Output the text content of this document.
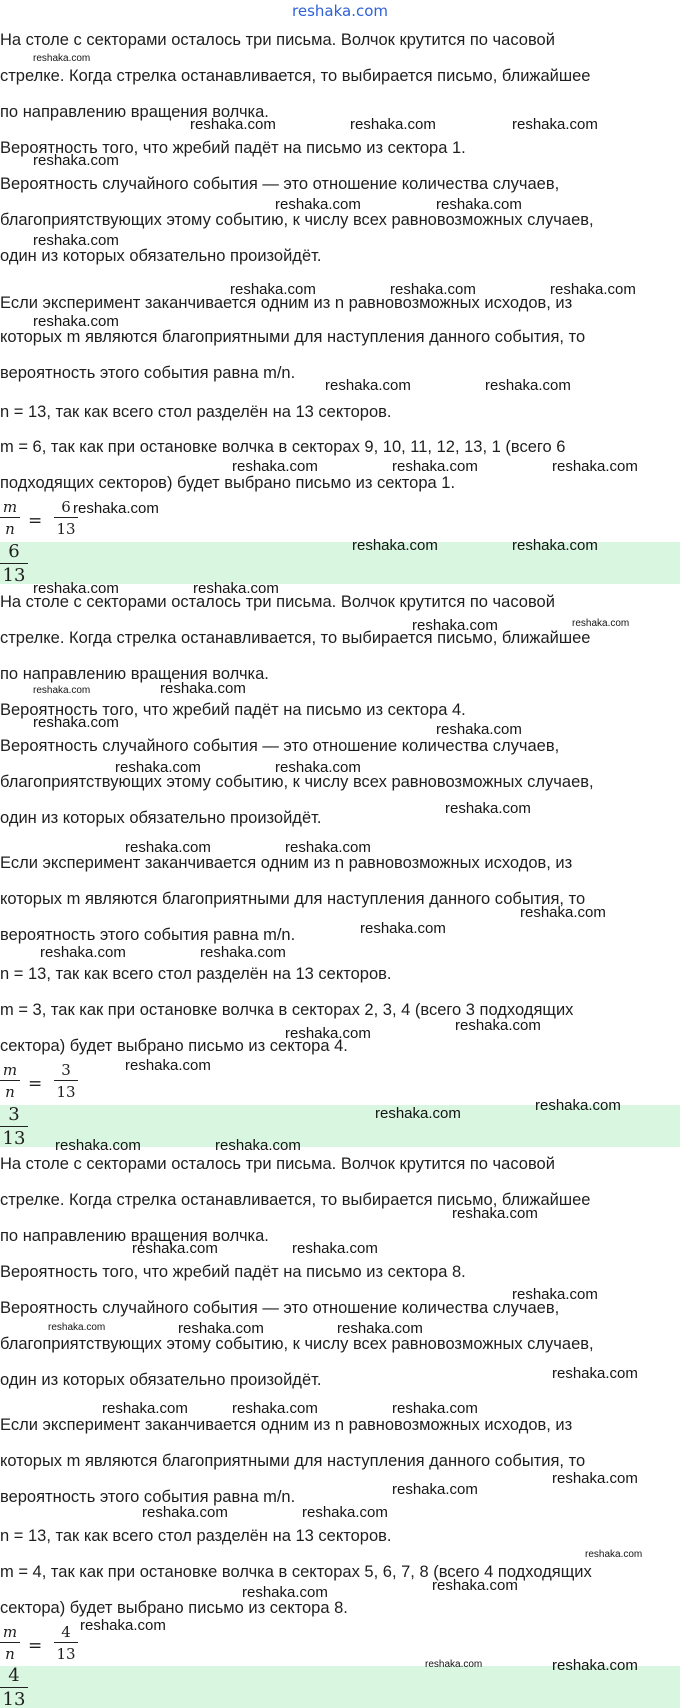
reshaka.com
На столе с секторами осталось три письма. Волчок крутится по часовой
стрелке. Когда стрелка останавливается, то выбирается письмо, ближайшее
по направлению вращения волчка.
Вероятность того, что жребий падёт на письмо из сектора 1.
Вероятность случайного события — это отношение количества случаев,
благоприятствующих этому событию, к числу всех равновозможных случаев,
один из которых обязательно произойдёт.
Если эксперимент заканчивается одним из n равновозможных исходов, из
которых m являются благоприятными для наступления данного события, то
вероятность этого события равна m/n.
n = 13, так как всего стол разделён на 13 секторов.
m = 6, так как при остановке волчка в секторах 9, 10, 11, 12, 13, 1 (всего 6
подходящих секторов) будет выбрано письмо из сектора 1.
m
n =
6
13
6
13
На столе с секторами осталось три письма. Волчок крутится по часовой
стрелке. Когда стрелка останавливается, то выбирается письмо, ближайшее
по направлению вращения волчка.
Вероятность того, что жребий падёт на письмо из сектора 4.
Вероятность случайного события — это отношение количества случаев,
благоприятствующих этому событию, к числу всех равновозможных случаев,
один из которых обязательно произойдёт.
Если эксперимент заканчивается одним из n равновозможных исходов, из
которых m являются благоприятными для наступления данного события, то
вероятность этого события равна m/n.
n = 13, так как всего стол разделён на 13 секторов.
m = 3, так как при остановке волчка в секторах 2, 3, 4 (всего 3 подходящих
сектора) будет выбрано письмо из сектора 4.
m
n =
3
13
3
13
На столе с секторами осталось три письма. Волчок крутится по часовой
стрелке. Когда стрелка останавливается, то выбирается письмо, ближайшее
по направлению вращения волчка.
Вероятность того, что жребий падёт на письмо из сектора 8.
Вероятность случайного события — это отношение количества случаев,
благоприятствующих этому событию, к числу всех равновозможных случаев,
один из которых обязательно произойдёт.
Если эксперимент заканчивается одним из n равновозможных исходов, из
которых m являются благоприятными для наступления данного события, то
вероятность этого события равна m/n.
n = 13, так как всего стол разделён на 13 секторов.
m = 4, так как при остановке волчка в секторах 5, 6, 7, 8 (всего 4 подходящих
сектора) будет выбрано письмо из сектора 8.
m
n =
4
13
4
13
reshaka.com
reshaka.com	reshaka.com	reshaka.com
reshaka.com
reshaka.com	reshaka.com
reshaka.com
reshaka.com	reshaka.com	reshaka.com
reshaka.com
reshaka.com	reshaka.com
reshaka.com	reshaka.com	reshaka.com
reshaka.com
reshaka.com	reshaka.com
reshaka.com	reshaka.com
reshaka.com	reshaka.com
reshaka.com	reshaka.com
reshaka.com	reshaka.com
reshaka.com	reshaka.com
reshaka.com
reshaka.com	reshaka.com
reshaka.com
reshaka.com
reshaka.com	reshaka.com
reshaka.com
reshaka.com
reshaka.com
reshaka.com	reshaka.com
reshaka.com	reshaka.com
reshaka.com
reshaka.com	reshaka.com
reshaka.com
reshaka.com	reshaka.com	reshaka.com
reshaka.com
reshaka.com	reshaka.com	reshaka.com
reshaka.com
reshaka.com
reshaka.com	reshaka.com
reshaka.com
reshaka.com
reshaka.com
reshaka.com
reshaka.com	reshaka.com
